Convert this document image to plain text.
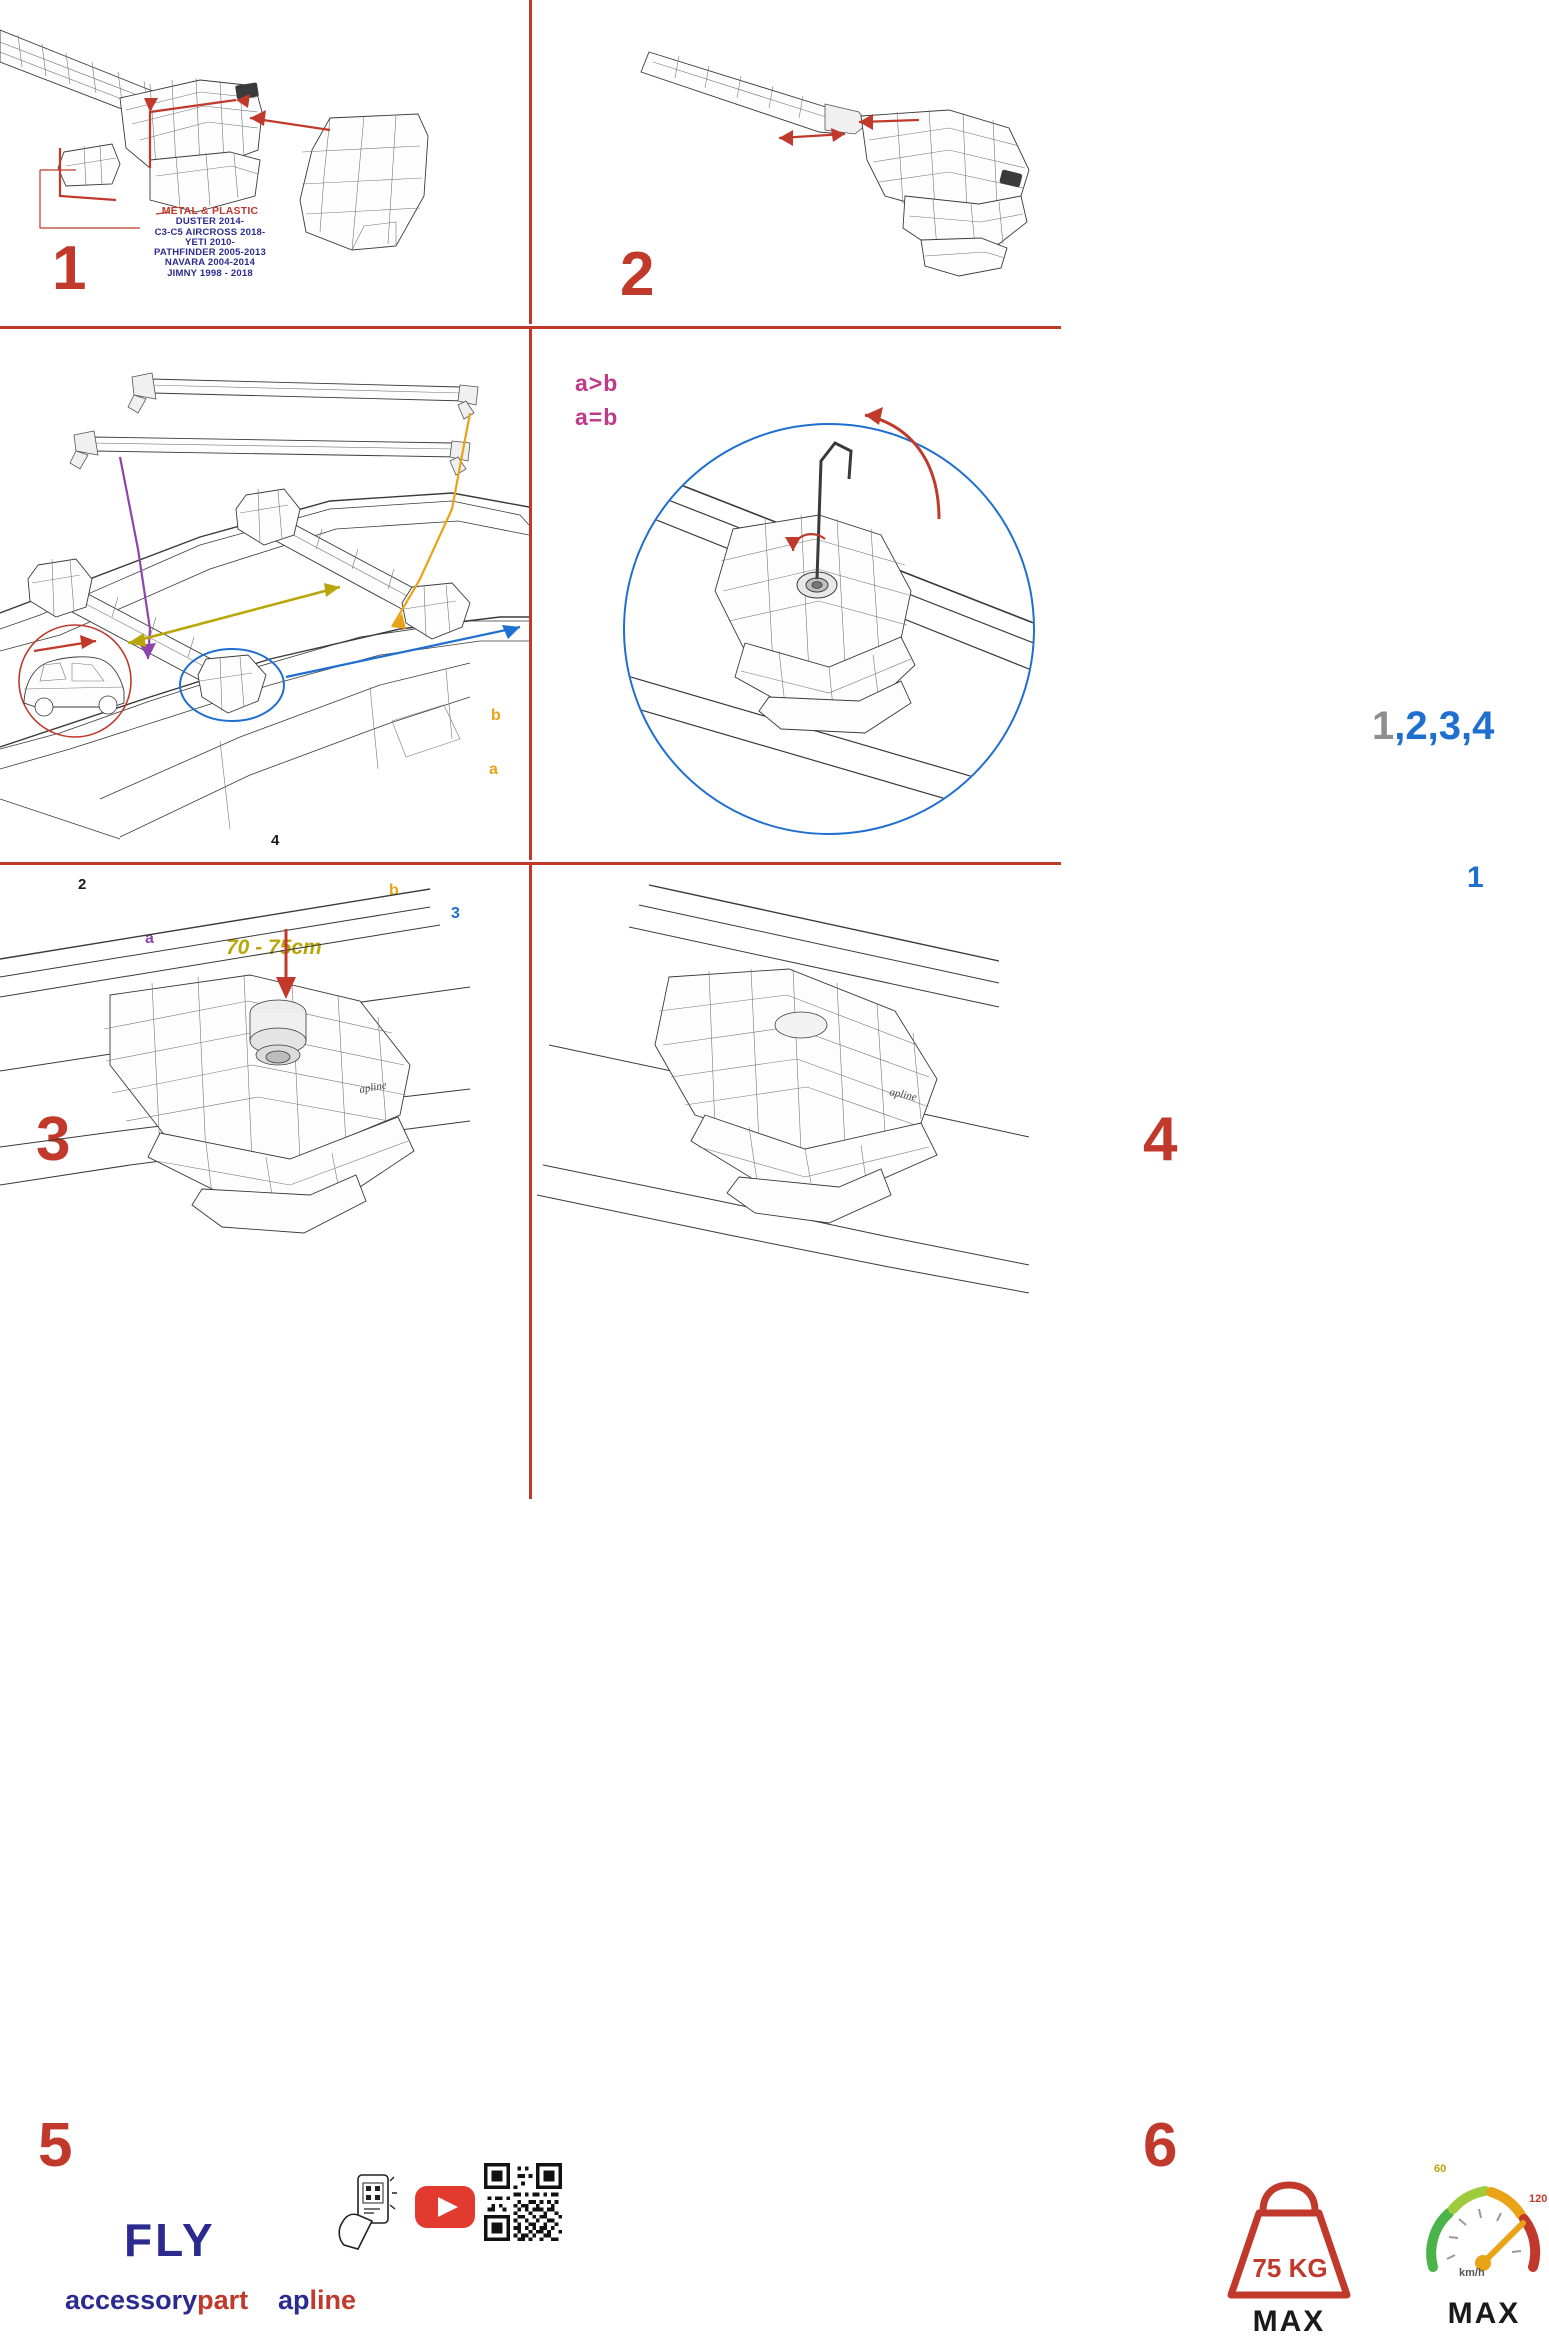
METAL & PLASTIC
DUSTER 2014-
C3-C5 AIRCROSS 2018-
YETI 2010-
PATHFINDER 2005-2013
NAVARA 2004-2014
JIMNY 1998 - 2018
1	2
b
a
a
b
2
4
3
70 - 75cm
3
a>b
a=b
1,2,3,4
1
4
apline
5
FLY
accessorypart apline
apline
6
75 KG
MAX
60
120
km/h
MAX
